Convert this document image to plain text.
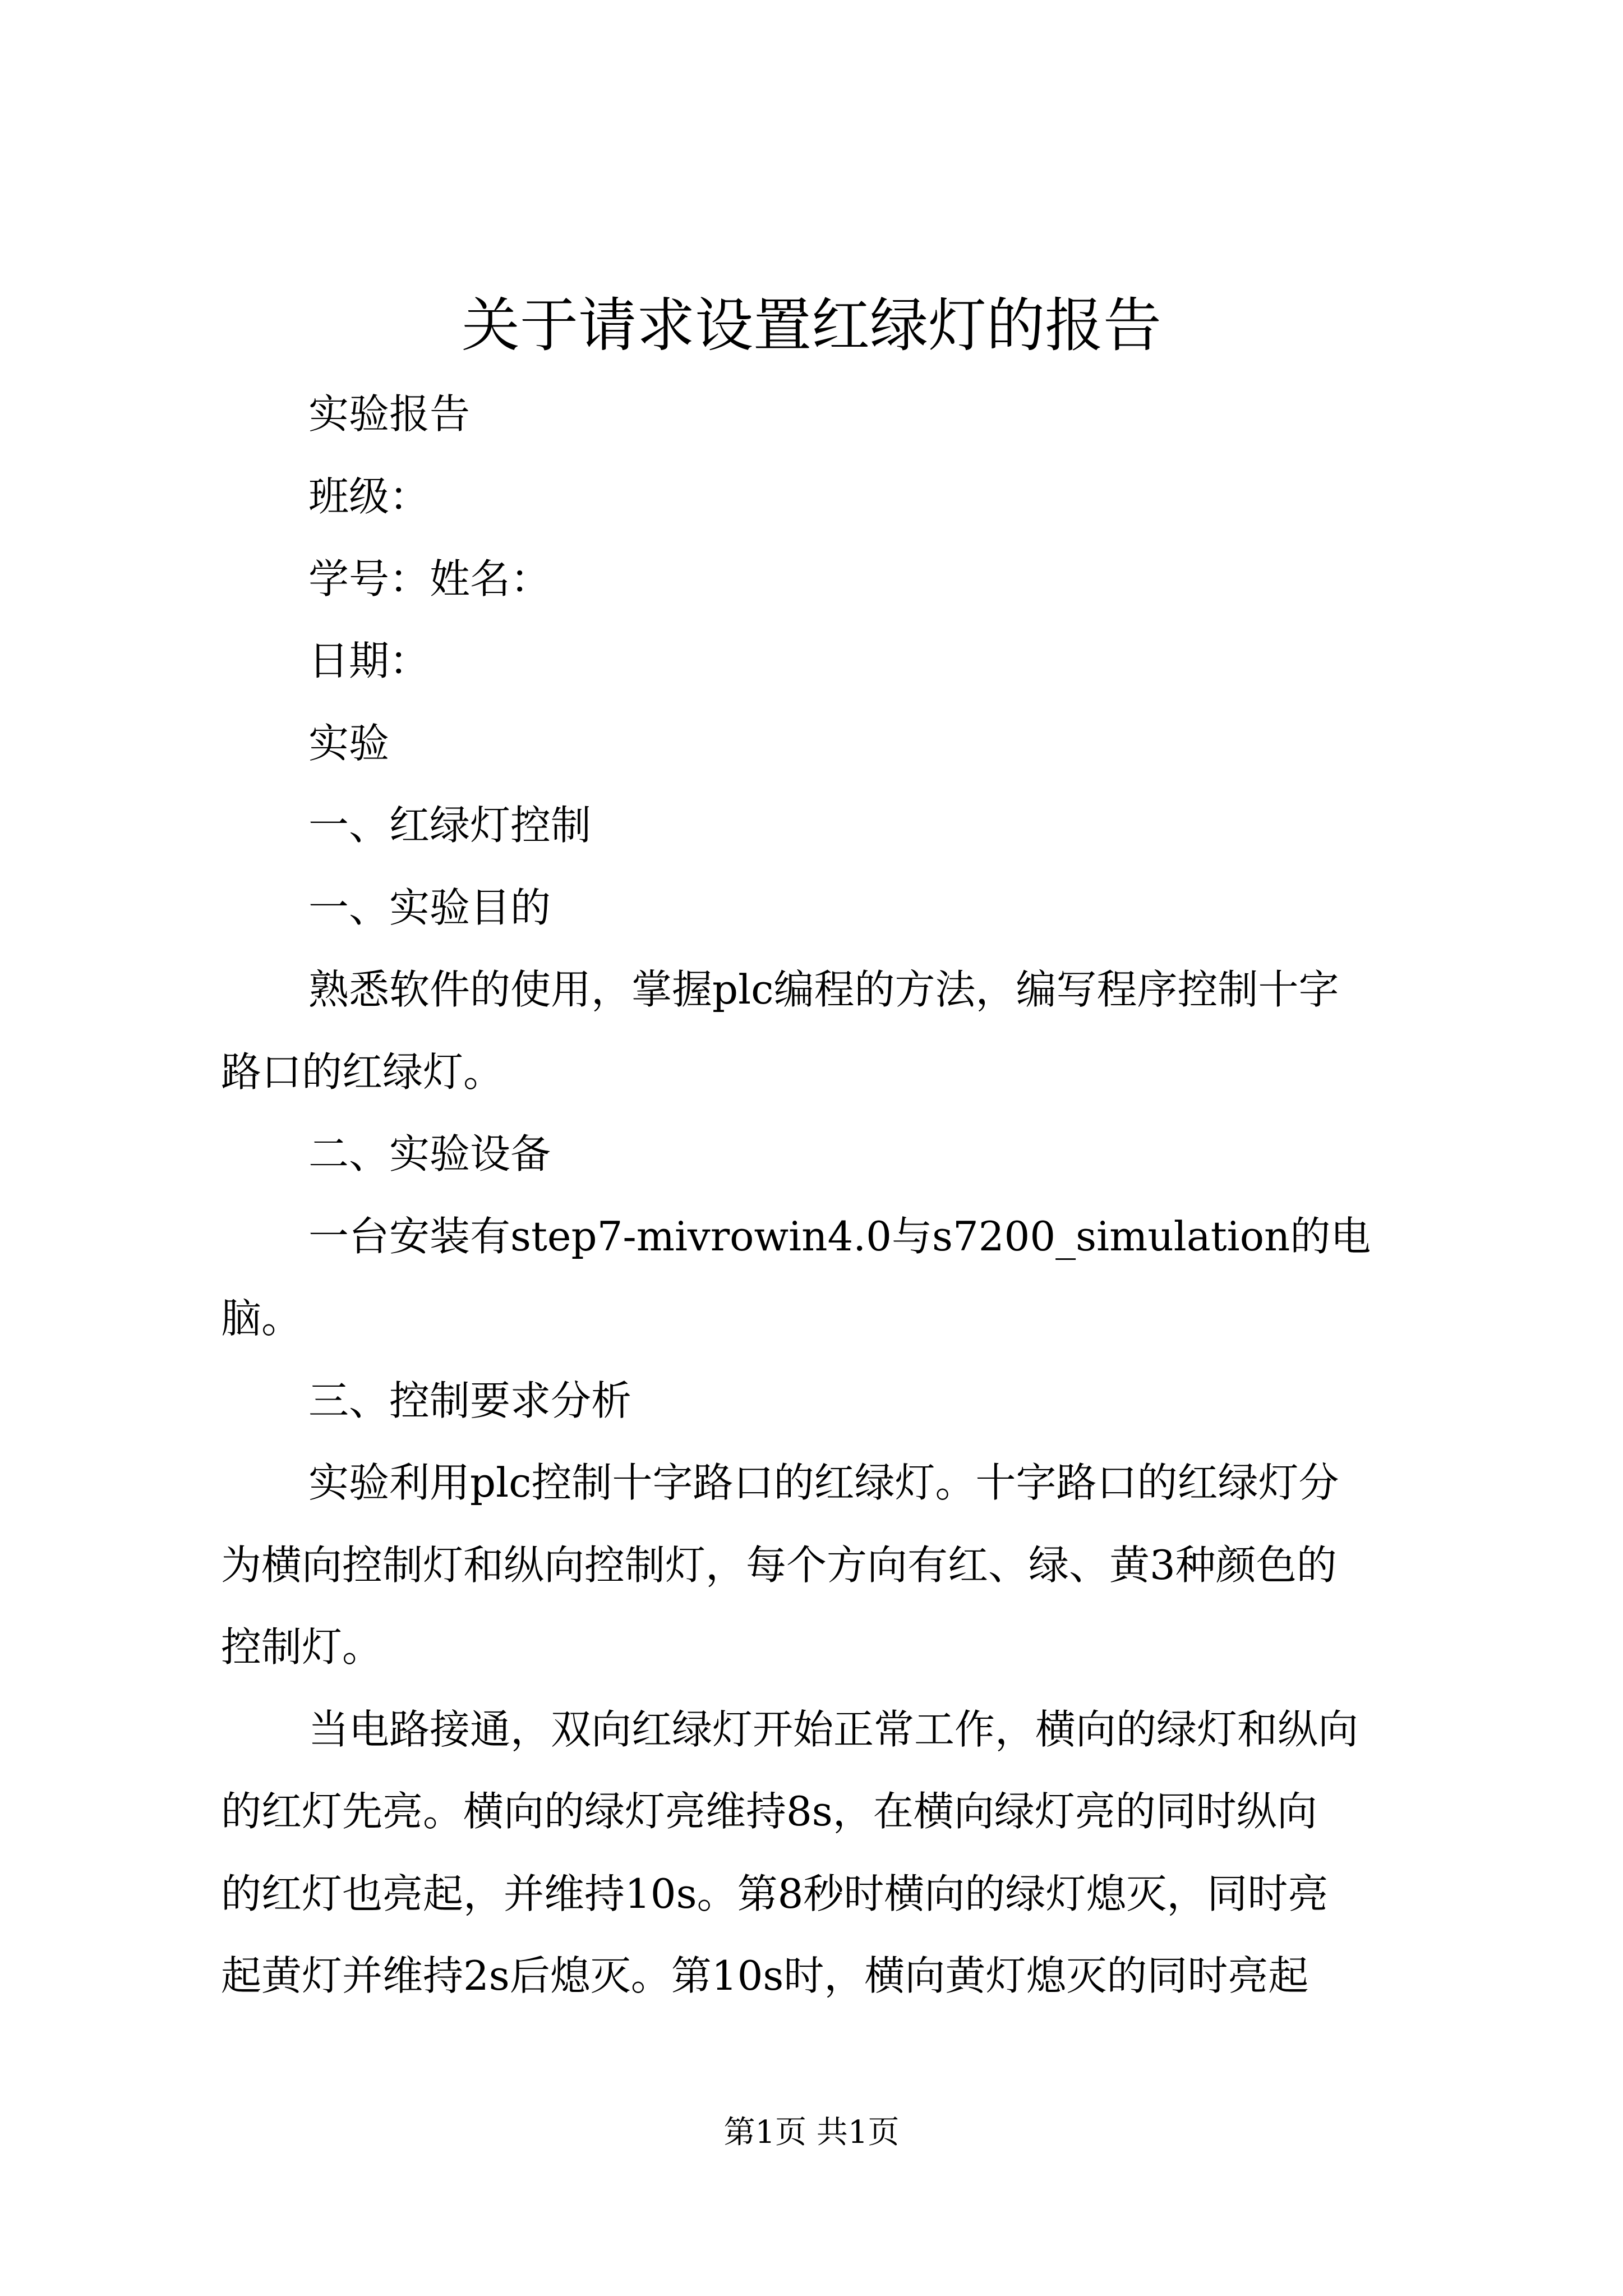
关于请求设置红绿灯的报告
实验报告
班级：
学号：姓名：
日期：
实验
一、红绿灯控制
一、实验目的
熟悉软件的使用，掌握plc编程的方法，编写程序控制十字
路口的红绿灯。
二、实验设备
一台安装有step7-mivrowin4.0与s7200_simulation的电
脑。
三、控制要求分析
实验利用plc控制十字路口的红绿灯。十字路口的红绿灯分
为横向控制灯和纵向控制灯，每个方向有红、绿、黄3种颜色的
控制灯。
当电路接通，双向红绿灯开始正常工作，横向的绿灯和纵向
的红灯先亮。横向的绿灯亮维持8s，在横向绿灯亮的同时纵向
的红灯也亮起，并维持10s。第8秒时横向的绿灯熄灭，同时亮
起黄灯并维持2s后熄灭。第10s时，横向黄灯熄灭的同时亮起
第1页 共1页
